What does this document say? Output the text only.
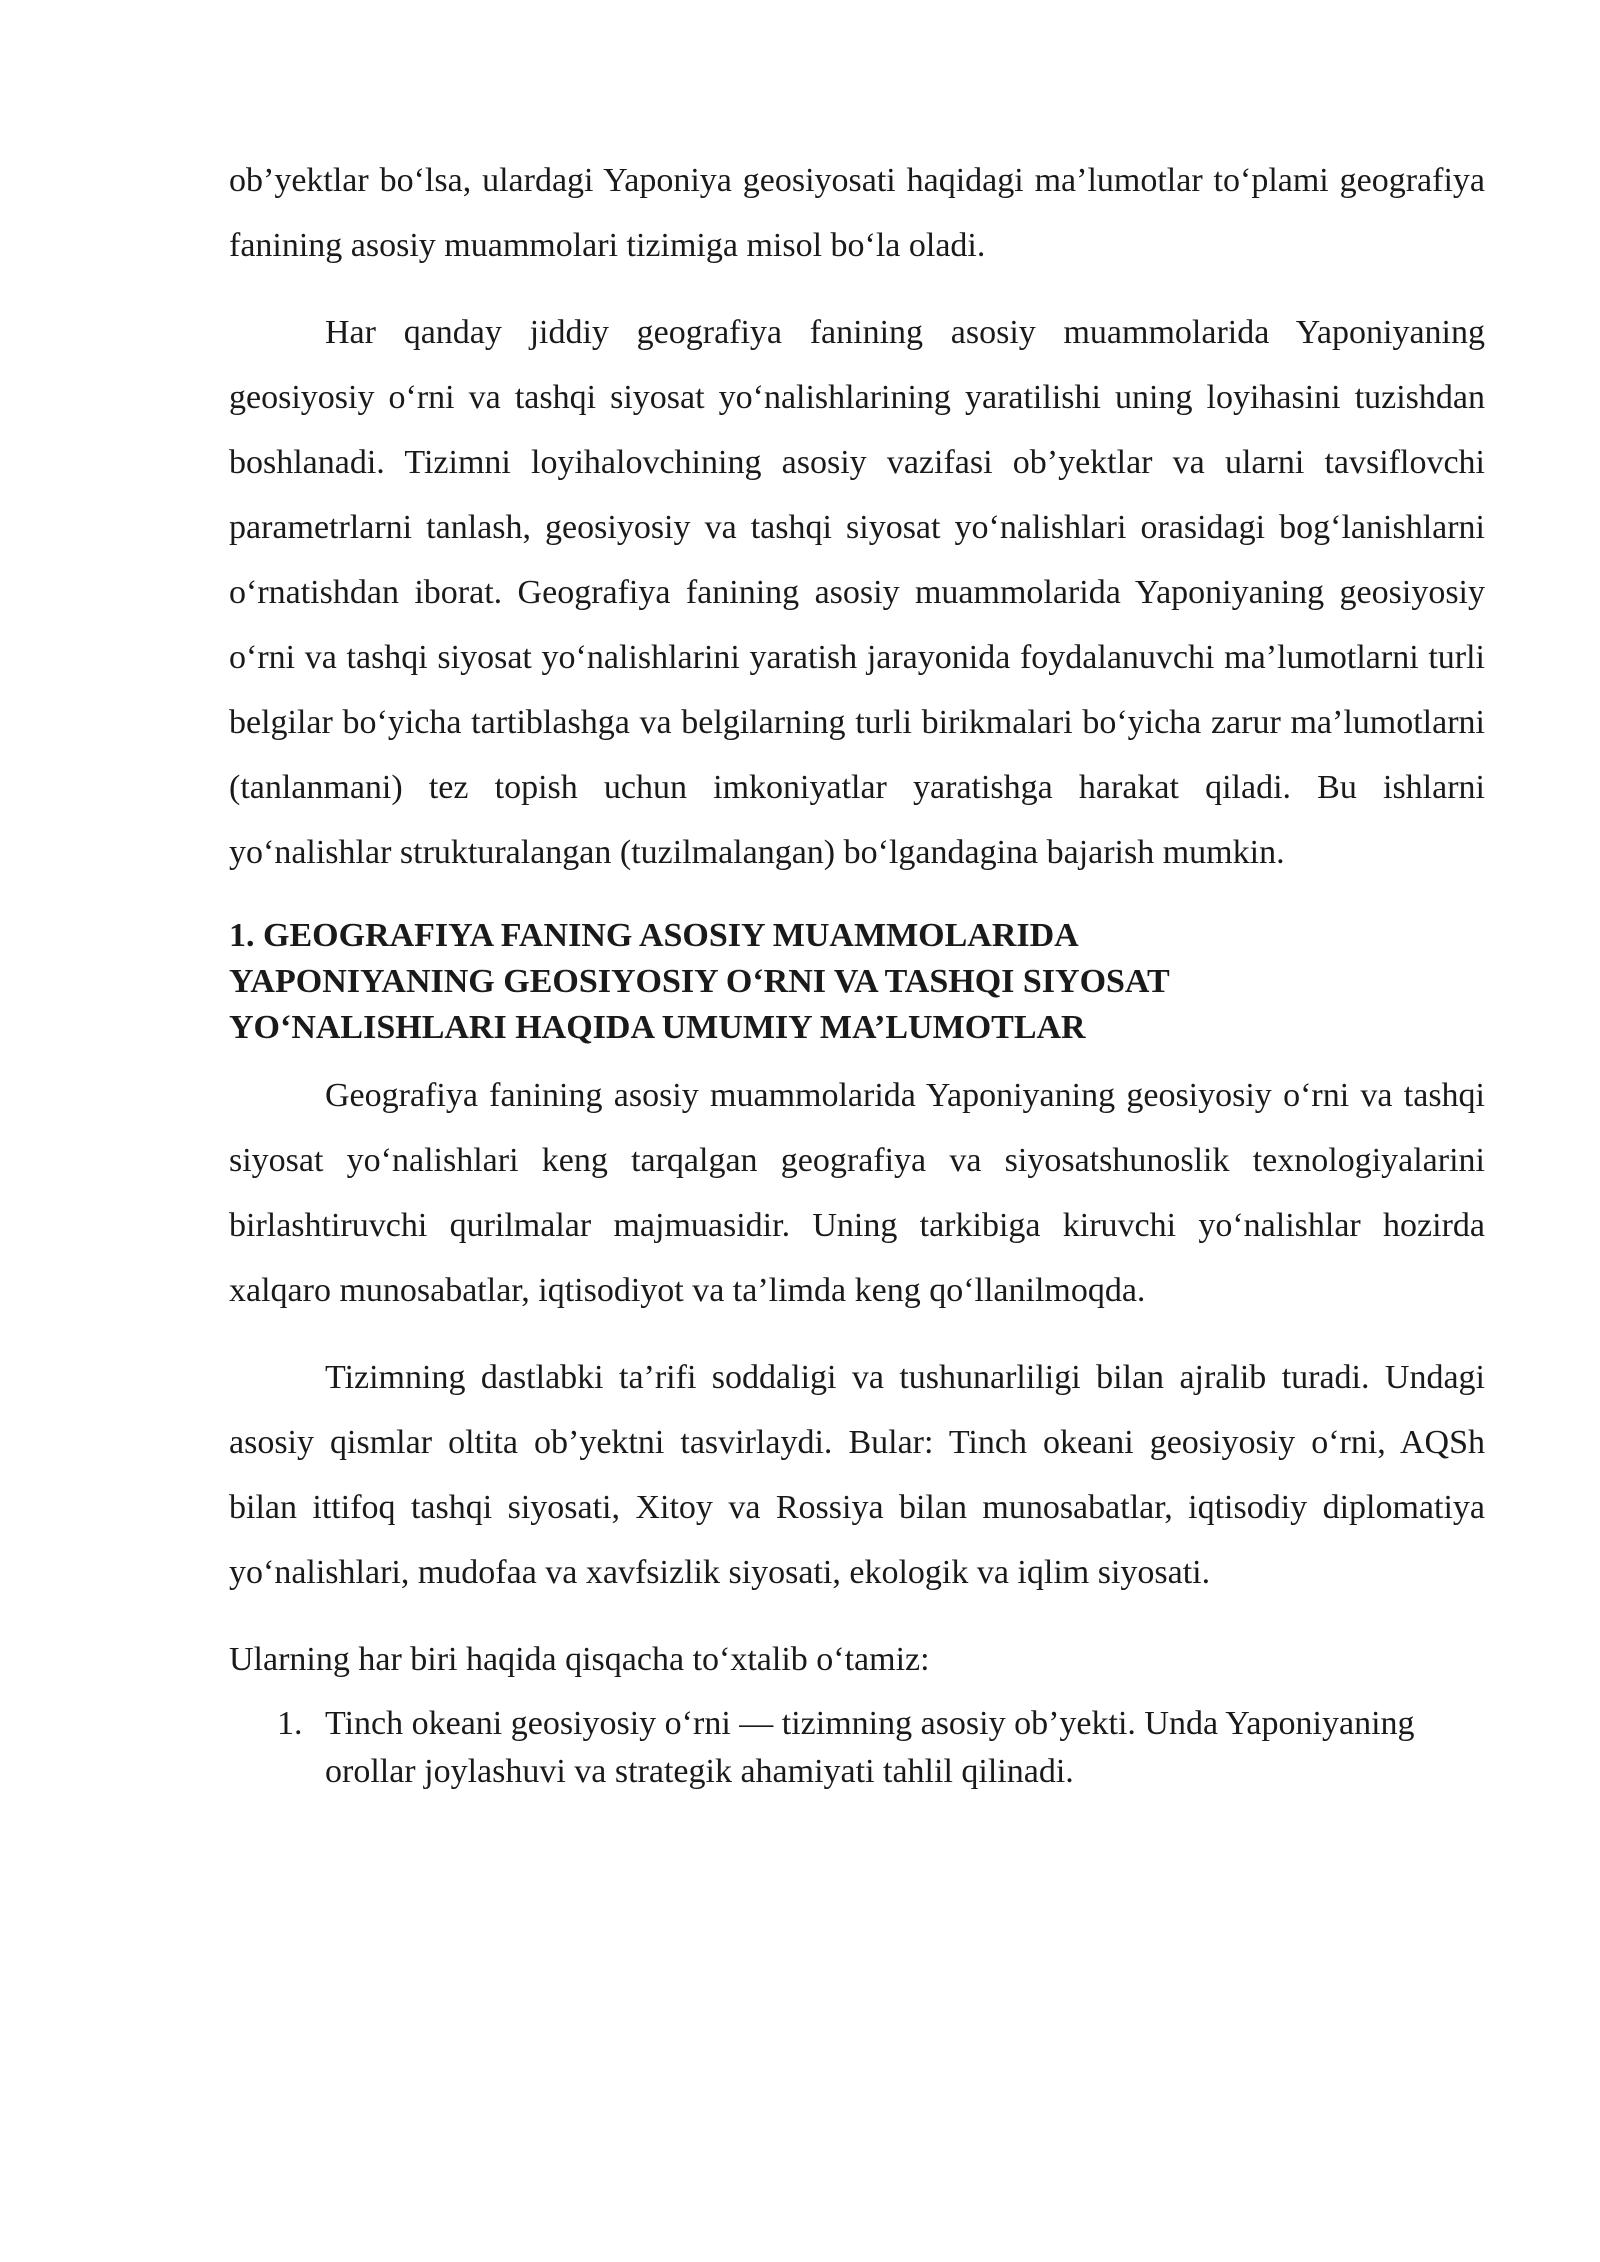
ob’yektlar bo‘lsa, ulardagi Yaponiya geosiyosati haqidagi ma’lumotlar to‘plami geografiya fanining asosiy muammolari tizimiga misol bo‘la oladi.

Har qanday jiddiy geografiya fanining asosiy muammolarida Yaponiyaning geosiyosiy o‘rni va tashqi siyosat yo‘nalishlarining yaratilishi uning loyihasini tuzishdan boshlanadi. Tizimni loyihalovchining asosiy vazifasi ob’yektlar va ularni tavsiflovchi parametrlarni tanlash, geosiyosiy va tashqi siyosat yo‘nalishlari orasidagi bog‘lanishlarni o‘rnatishdan iborat. Geografiya fanining asosiy muammolarida Yaponiyaning geosiyosiy o‘rni va tashqi siyosat yo‘nalishlarini yaratish jarayonida foydalanuvchi ma’lumotlarni turli belgilar bo‘yicha tartiblashga va belgilarning turli birikmalari bo‘yicha zarur ma’lumotlarni (tanlanmani) tez topish uchun imkoniyatlar yaratishga harakat qiladi. Bu ishlarni yo‘nalishlar strukturalangan (tuzilmalangan) bo‘lgandagina bajarish mumkin.

1. GEOGRAFIYA FANING ASOSIY MUAMMOLARIDA
YAPONIYANING GEOSIYOSIY O‘RNI VA TASHQI SIYOSAT
YO‘NALISHLARI HAQIDA UMUMIY MA’LUMOTLAR

Geografiya fanining asosiy muammolarida Yaponiyaning geosiyosiy o‘rni va tashqi siyosat yo‘nalishlari keng tarqalgan geografiya va siyosatshunoslik texnologiyalarini birlashtiruvchi qurilmalar majmuasidir. Uning tarkibiga kiruvchi yo‘nalishlar hozirda xalqaro munosabatlar, iqtisodiyot va ta’limda keng qo‘llanilmoqda.

Tizimning dastlabki ta’rifi soddaligi va tushunarliligi bilan ajralib turadi. Undagi asosiy qismlar oltita ob’yektni tasvirlaydi. Bular: Tinch okeani geosiyosiy o‘rni, AQSh bilan ittifoq tashqi siyosati, Xitoy va Rossiya bilan munosabatlar, iqtisodiy diplomatiya yo‘nalishlari, mudofaa va xavfsizlik siyosati, ekologik va iqlim siyosati.

Ularning har biri haqida qisqacha to‘xtalib o‘tamiz:

1. Tinch okeani geosiyosiy o‘rni — tizimning asosiy ob’yekti. Unda Yaponiyaning orollar joylashuvi va strategik ahamiyati tahlil qilinadi.
